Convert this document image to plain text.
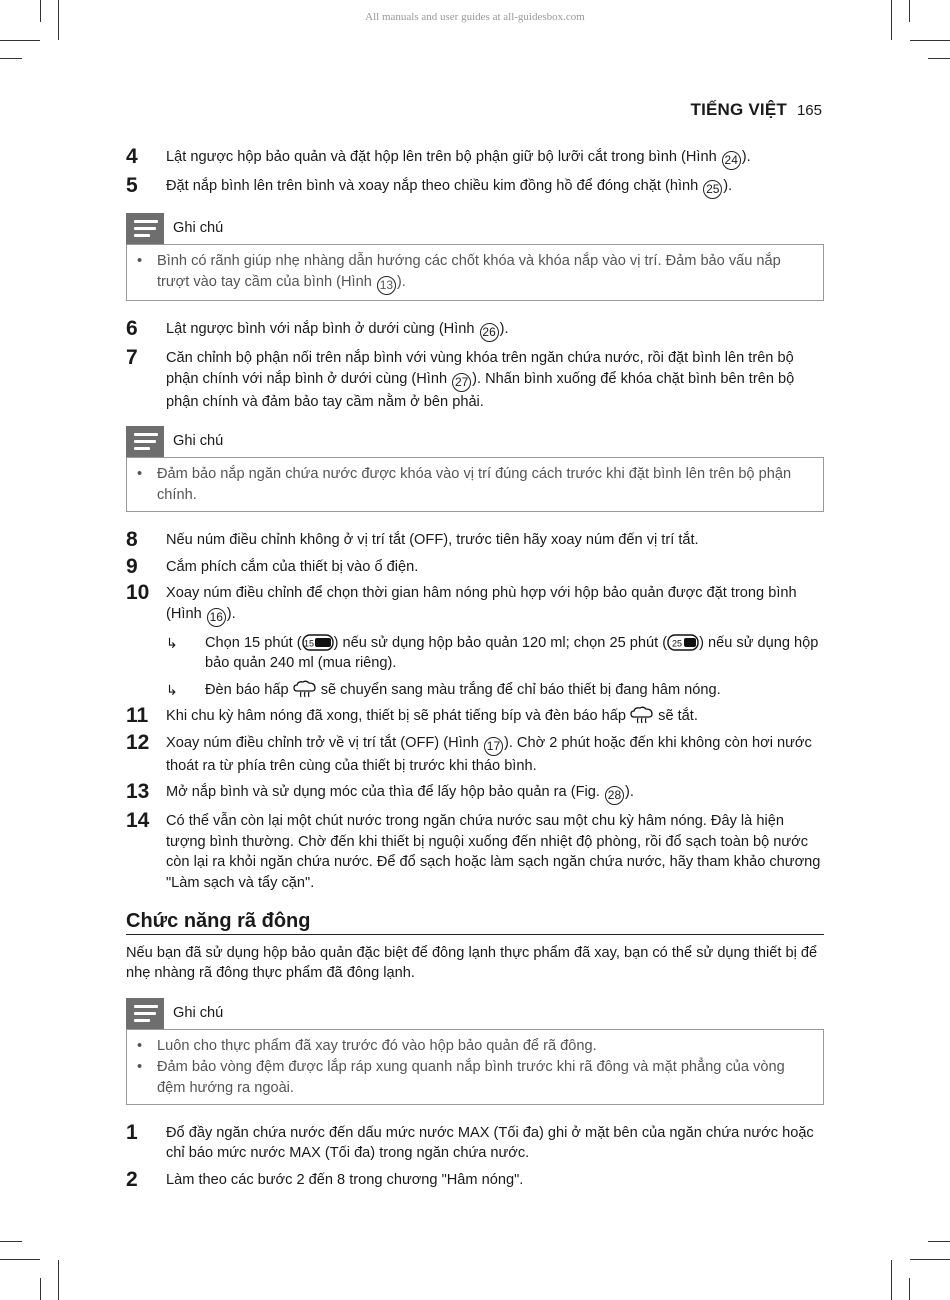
All manuals and user guides at all-guidesbox.com
TIẾNG VIỆT 165
4	Lật ngược hộp bảo quản và đặt hộp lên trên bộ phận giữ bộ lưỡi cắt trong bình (Hình 24 ).
5	Đặt nắp bình lên trên bình và xoay nắp theo chiều kim đồng hồ để đóng chặt (hình 25 ).
Ghi chú
•	Bình có rãnh giúp nhẹ nhàng dẫn hướng các chốt khóa và khóa nắp vào vị trí. Đảm bảo vấu nắp trượt vào tay cầm của bình (Hình 13 ).
6	Lật ngược bình với nắp bình ở dưới cùng (Hình 26 ).
7	Căn chỉnh bộ phận nối trên nắp bình với vùng khóa trên ngăn chứa nước, rồi đặt bình lên trên bộ phận chính với nắp bình ở dưới cùng (Hình 27 ). Nhấn bình xuống để khóa chặt bình bên trên bộ phận chính và đảm bảo tay cầm nằm ở bên phải.
Ghi chú
•	Đảm bảo nắp ngăn chứa nước được khóa vào vị trí đúng cách trước khi đặt bình lên trên bộ phận chính.
8	Nếu núm điều chỉnh không ở vị trí tắt (OFF), trước tiên hãy xoay núm đến vị trí tắt.
9	Cắm phích cắm của thiết bị vào ổ điện.
10	Xoay núm điều chỉnh để chọn thời gian hâm nóng phù hợp với hộp bảo quản được đặt trong bình (Hình 16 ).
↳	Chọn 15 phút ( 15 ) nếu sử dụng hộp bảo quản 120 ml; chọn 25 phút ( 25 ) nếu sử dụng hộp bảo quản 240 ml (mua riêng).
↳	Đèn báo hấp  sẽ chuyển sang màu trắng để chỉ báo thiết bị đang hâm nóng.
11	Khi chu kỳ hâm nóng đã xong, thiết bị sẽ phát tiếng bíp và đèn báo hấp  sẽ tắt.
12	Xoay núm điều chỉnh trở về vị trí tắt (OFF) (Hình 17 ). Chờ 2 phút hoặc đến khi không còn hơi nước thoát ra từ phía trên cùng của thiết bị trước khi tháo bình.
13	Mở nắp bình và sử dụng móc của thìa để lấy hộp bảo quản ra (Fig. 28 ).
14	Có thể vẫn còn lại một chút nước trong ngăn chứa nước sau một chu kỳ hâm nóng. Đây là hiện tượng bình thường. Chờ đến khi thiết bị nguội xuống đến nhiệt độ phòng, rồi đổ sạch toàn bộ nước còn lại ra khỏi ngăn chứa nước. Để đổ sạch hoặc làm sạch ngăn chứa nước, hãy tham khảo chương "Làm sạch và tẩy cặn".
Chức năng rã đông
Nếu bạn đã sử dụng hộp bảo quản đặc biệt để đông lạnh thực phẩm đã xay, bạn có thể sử dụng thiết bị để nhẹ nhàng rã đông thực phẩm đã đông lạnh.
Ghi chú
•	Luôn cho thực phẩm đã xay trước đó vào hộp bảo quản để rã đông.
•	Đảm bảo vòng đệm được lắp ráp xung quanh nắp bình trước khi rã đông và mặt phẳng của vòng đệm hướng ra ngoài.
1	Đổ đầy ngăn chứa nước đến dấu mức nước MAX (Tối đa) ghi ở mặt bên của ngăn chứa nước hoặc chỉ báo mức nước MAX (Tối đa) trong ngăn chứa nước.
2	Làm theo các bước 2 đến 8 trong chương "Hâm nóng".
